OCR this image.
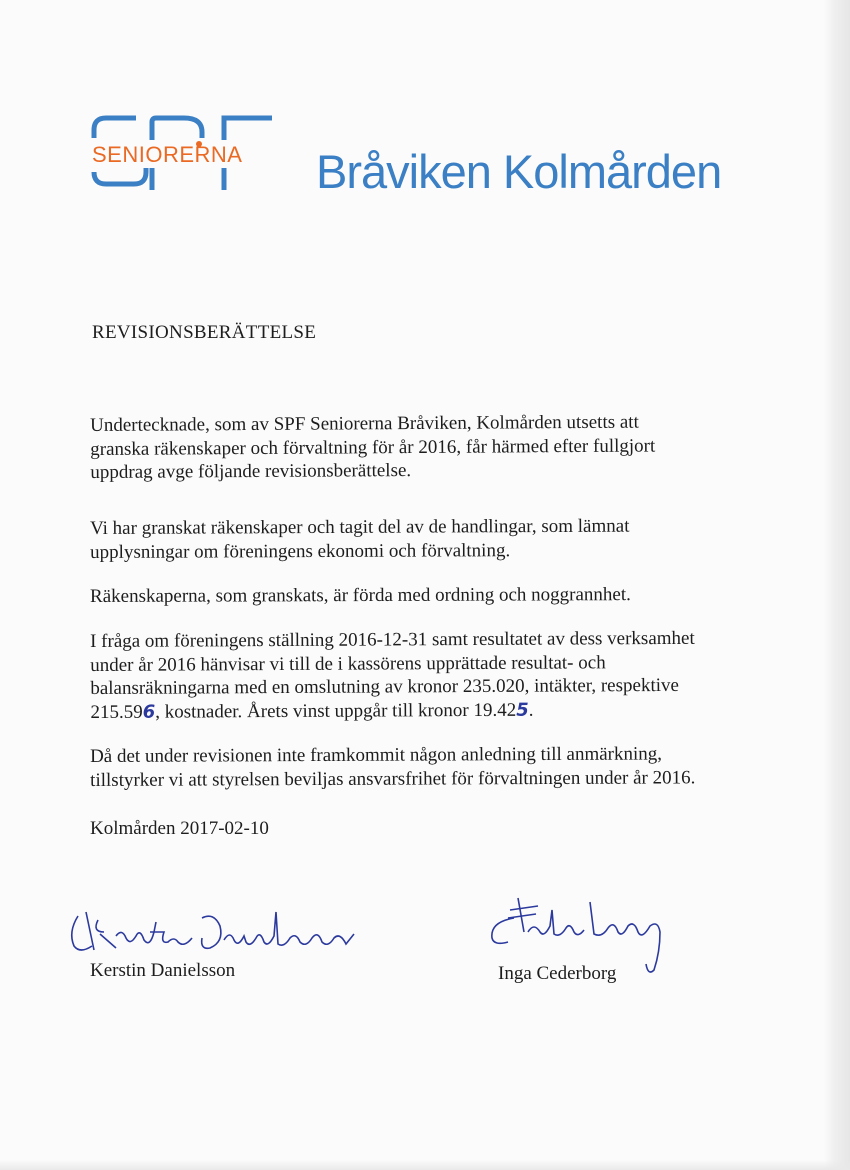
SENIORERNA Bråviken Kolmården
REVISIONSBERÄTTELSE
Undertecknade, som av SPF Seniorerna Bråviken, Kolmården utsetts att
granska räkenskaper och förvaltning för år 2016, får härmed efter fullgjort
uppdrag avge följande revisionsberättelse.
Vi har granskat räkenskaper och tagit del av de handlingar, som lämnat
upplysningar om föreningens ekonomi och förvaltning.
Räkenskaperna, som granskats, är förda med ordning och noggrannhet.
I fråga om föreningens ställning 2016-12-31 samt resultatet av dess verksamhet
under år 2016 hänvisar vi till de i kassörens upprättade resultat- och
balansräkningarna med en omslutning av kronor 235.020, intäkter, respektive
215.596, kostnader. Årets vinst uppgår till kronor 19.425.
Då det under revisionen inte framkommit någon anledning till anmärkning,
tillstyrker vi att styrelsen beviljas ansvarsfrihet för förvaltningen under år 2016.
Kolmården 2017-02-10
Kerstin Danielsson	Inga Cederborg
